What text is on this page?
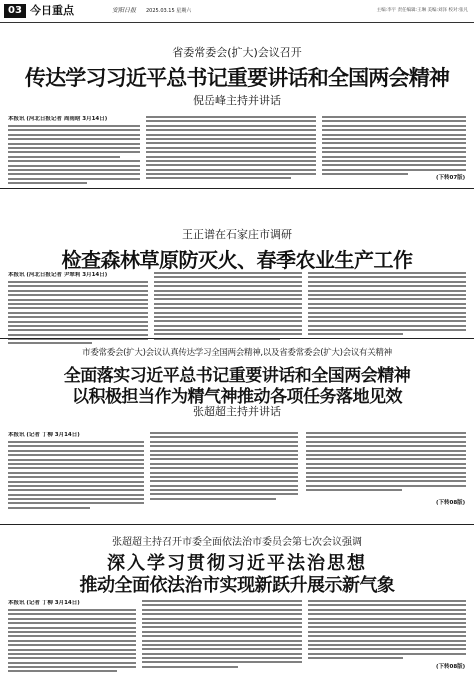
03 今日重点	安阳日报 2025.03.15 星期六	主编:李宇 责任编辑:王琳 美编:刘泽 校对:张凡
省委常委会(扩大)会议召开
传达学习习近平总书记重要讲话和全国两会精神
倪岳峰主持并讲话
本报讯 (河北日报记者 周雨晗 3月14日)
(下转07版)
王正谱在石家庄市调研
检查森林草原防灭火、春季农业生产工作
本报讯 (河北日报记者 尹翠莉 3月14日)
市委常委会(扩大)会议认真传达学习全国两会精神,以及省委常委会(扩大)会议有关精神
全面落实习近平总书记重要讲话和全国两会精神
以积极担当作为精气神推动各项任务落地见效
张超超主持并讲话
本报讯 (记者 丁柳 3月14日)
(下转08版)
张超超主持召开市委全面依法治市委员会第七次会议强调
深入学习贯彻习近平法治思想
推动全面依法治市实现新跃升展示新气象
本报讯 (记者 丁柳 3月14日)
(下转08版)
